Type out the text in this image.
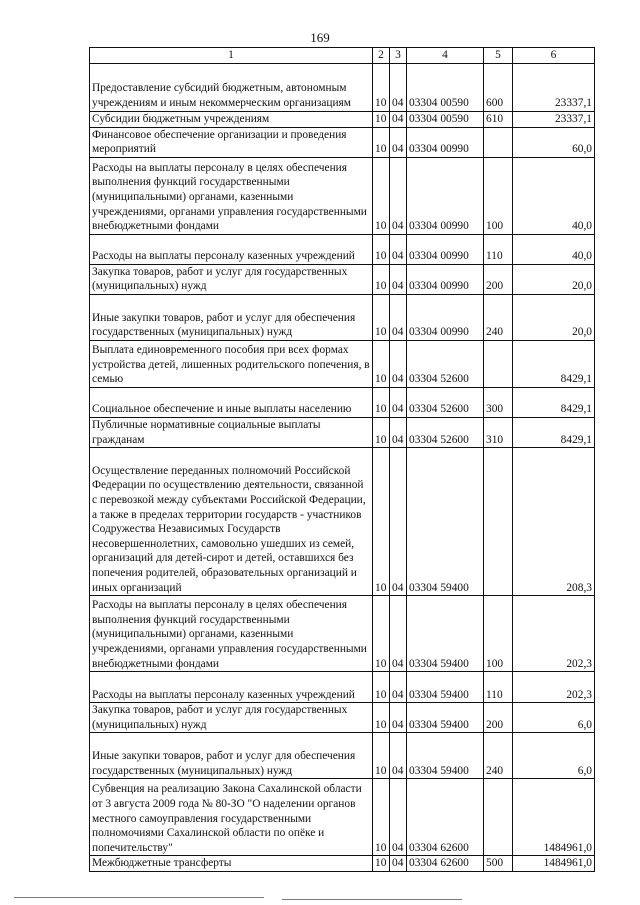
169
1	2	3	4	5	6
Предоставление субсидий бюджетным, автономным учреждениям и иным некоммерческим организациям	10	04	03304 00590	600	23337,1
Субсидии бюджетным учреждениям	10	04	03304 00590	610	23337,1
Финансовое обеспечение организации и проведения мероприятий	10	04	03304 00990		60,0
Расходы на выплаты персоналу в целях обеспечения выполнения функций государственными (муниципальными) органами, казенными учреждениями, органами управления государственными внебюджетными фондами	10	04	03304 00990	100	40,0
Расходы на выплаты персоналу казенных учреждений	10	04	03304 00990	110	40,0
Закупка товаров, работ и услуг для государственных (муниципальных) нужд	10	04	03304 00990	200	20,0
Иные закупки товаров, работ и услуг для обеспечения государственных (муниципальных) нужд	10	04	03304 00990	240	20,0
Выплата единовременного пособия при всех формах устройства детей, лишенных родительского попечения, в семью	10	04	03304 52600		8429,1
Социальное обеспечение и иные выплаты населению	10	04	03304 52600	300	8429,1
Публичные нормативные социальные выплаты гражданам	10	04	03304 52600	310	8429,1
Осуществление переданных полномочий Российской Федерации по осуществлению деятельности, связанной с перевозкой между субъектами Российской Федерации, а также в пределах территории государств - участников Содружества Независимых Государств несовершеннолетних, самовольно ушедших из семей, организаций для детей-сирот и детей, оставшихся без попечения родителей, образовательных организаций и иных организаций	10	04	03304 59400		208,3
Расходы на выплаты персоналу в целях обеспечения выполнения функций государственными (муниципальными) органами, казенными учреждениями, органами управления государственными внебюджетными фондами	10	04	03304 59400	100	202,3
Расходы на выплаты персоналу казенных учреждений	10	04	03304 59400	110	202,3
Закупка товаров, работ и услуг для государственных (муниципальных) нужд	10	04	03304 59400	200	6,0
Иные закупки товаров, работ и услуг для обеспечения государственных (муниципальных) нужд	10	04	03304 59400	240	6,0
Субвенция на реализацию Закона Сахалинской области от 3 августа 2009 года № 80-ЗО "О наделении органов местного самоуправления государственными полномочиями Сахалинской области по опёке и попечительству"	10	04	03304 62600		1484961,0
Межбюджетные трансферты	10	04	03304 62600	500	1484961,0
